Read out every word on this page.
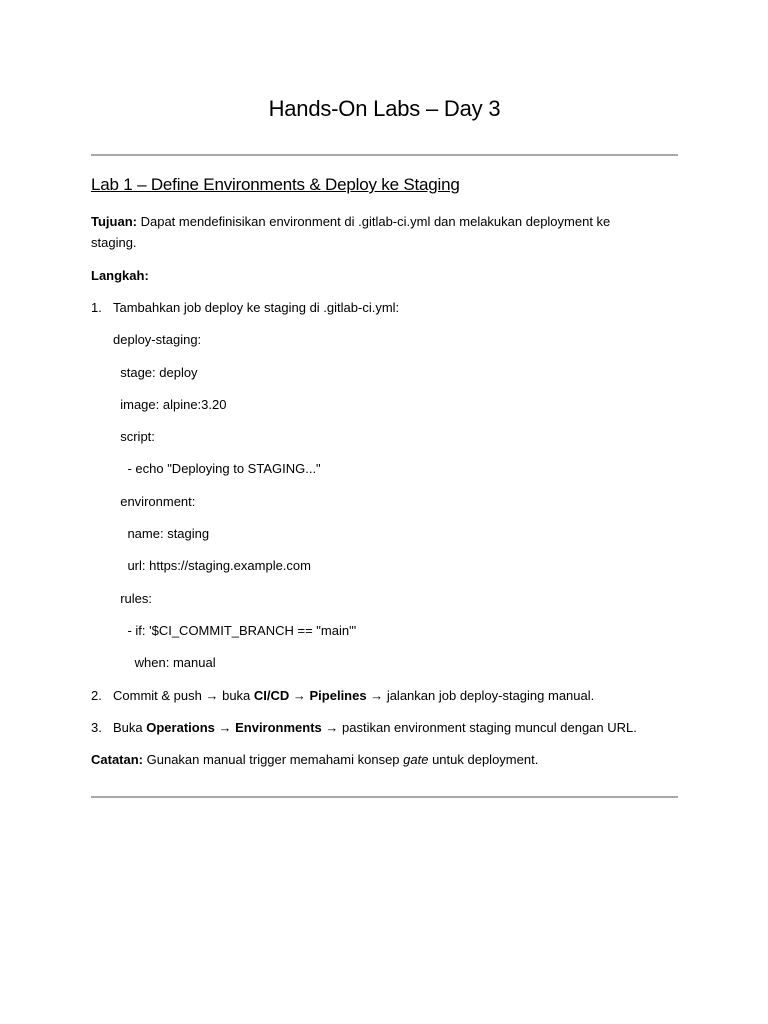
Hands-On Labs – Day 3
Lab 1 – Define Environments & Deploy ke Staging
Tujuan: Dapat mendefinisikan environment di .gitlab-ci.yml dan melakukan deployment ke staging.
Langkah:
1. Tambahkan job deploy ke staging di .gitlab-ci.yml:
deploy-staging:
stage: deploy
image: alpine:3.20
script:
- echo "Deploying to STAGING..."
environment:
name: staging
url: https://staging.example.com
rules:
- if: '$CI_COMMIT_BRANCH == "main"'
when: manual
2. Commit & push → buka CI/CD → Pipelines → jalankan job deploy-staging manual.
3. Buka Operations → Environments → pastikan environment staging muncul dengan URL.
Catatan: Gunakan manual trigger memahami konsep gate untuk deployment.
